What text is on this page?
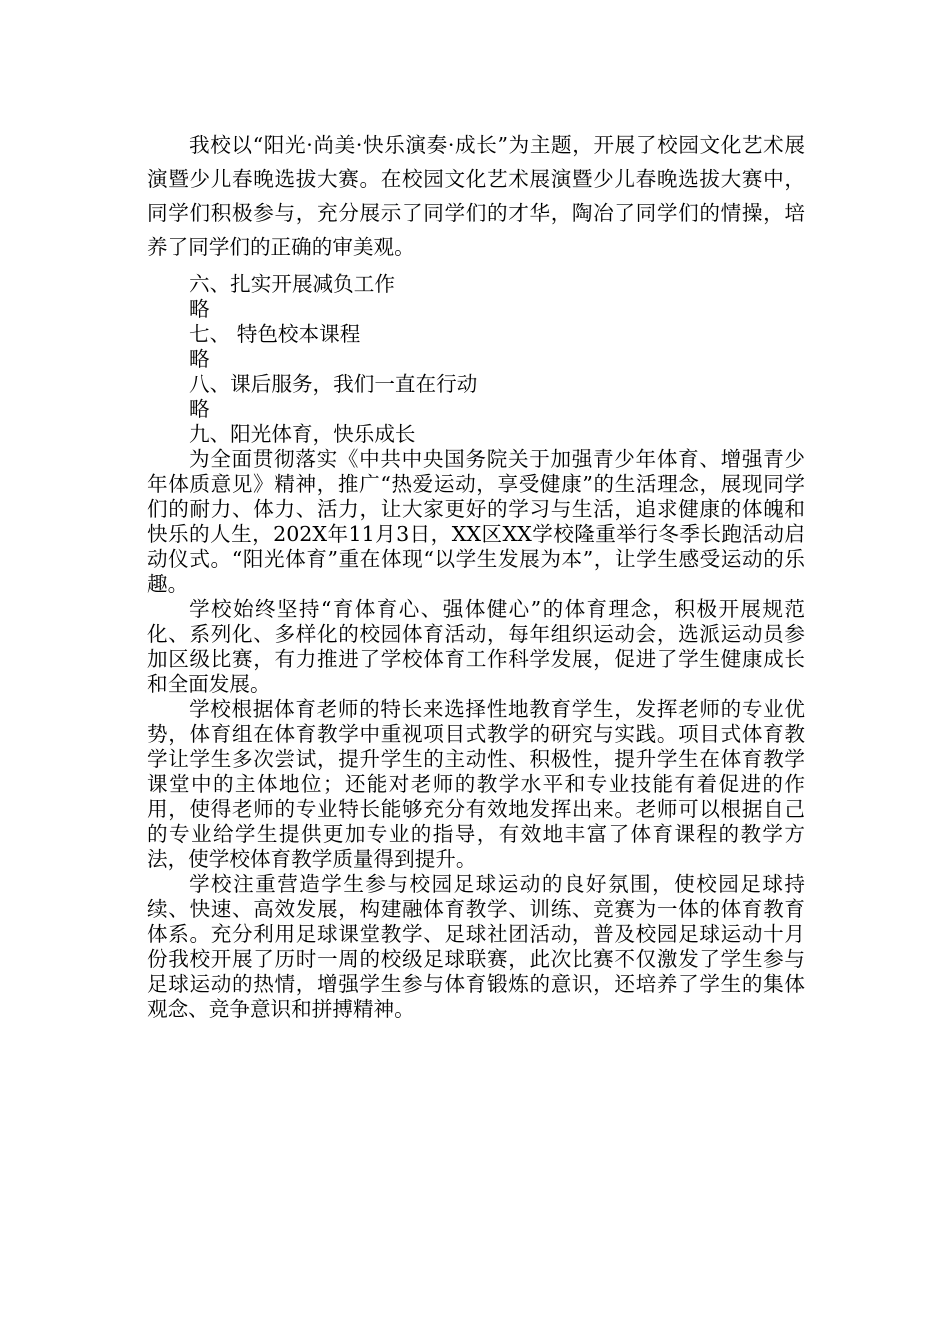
我校以“阳光·尚美·快乐演奏·成长”为主题，开展了校园文化艺术展演暨少儿春晚选拔大赛。在校园文化艺术展演暨少儿春晚选拔大赛中，同学们积极参与，充分展示了同学们的才华，陶冶了同学们的情操，培养了同学们的正确的审美观。

六、扎实开展减负工作

略

七、 特色校本课程

略

八、课后服务，我们一直在行动

略

九、阳光体育，快乐成长

为全面贯彻落实《中共中央国务院关于加强青少年体育、增强青少年体质意见》精神，推广“热爱运动，享受健康”的生活理念，展现同学们的耐力、体力、活力，让大家更好的学习与生活，追求健康的体魄和快乐的人生，202X年11月3日，XX区XX学校隆重举行冬季长跑活动启动仪式。“阳光体育”重在体现“以学生发展为本”，让学生感受运动的乐趣。

学校始终坚持“育体育心、强体健心”的体育理念，积极开展规范化、系列化、多样化的校园体育活动，每年组织运动会，选派运动员参加区级比赛，有力推进了学校体育工作科学发展，促进了学生健康成长和全面发展。

学校根据体育老师的特长来选择性地教育学生，发挥老师的专业优势，体育组在体育教学中重视项目式教学的研究与实践。项目式体育教学让学生多次尝试，提升学生的主动性、积极性，提升学生在体育教学课堂中的主体地位；还能对老师的教学水平和专业技能有着促进的作用，使得老师的专业特长能够充分有效地发挥出来。老师可以根据自己的专业给学生提供更加专业的指导，有效地丰富了体育课程的教学方法，使学校体育教学质量得到提升。

学校注重营造学生参与校园足球运动的良好氛围，使校园足球持续、快速、高效发展，构建融体育教学、训练、竞赛为一体的体育教育体系。充分利用足球课堂教学、足球社团活动，普及校园足球运动十月份我校开展了历时一周的校级足球联赛，此次比赛不仅激发了学生参与足球运动的热情，增强学生参与体育锻炼的意识，还培养了学生的集体观念、竞争意识和拼搏精神。
